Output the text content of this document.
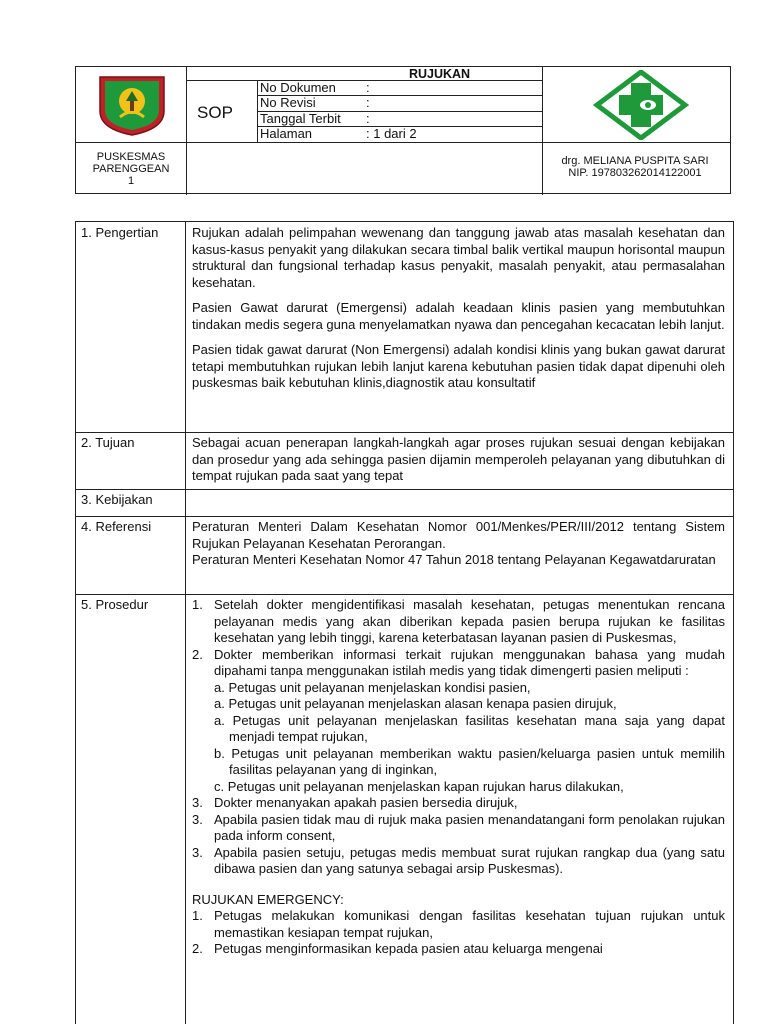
RUJUKAN
SOP
No Dokumen :
No Revisi	:
Tanggal Terbit :
Halaman	: 1 dari 2
PUSKESMAS
PARENGGEAN
1
drg. MELIANA PUSPITA SARI
NIP. 197803262014122001
1. Pengertian	Rujukan adalah pelimpahan wewenang dan tanggung jawab atas masalah kesehatan dan kasus-kasus penyakit yang dilakukan secara timbal balik vertikal maupun horisontal maupun struktural dan fungsional terhadap kasus penyakit, masalah penyakit, atau permasalahan kesehatan.

Pasien Gawat darurat (Emergensi) adalah keadaan klinis pasien yang membutuhkan tindakan medis segera guna menyelamatkan nyawa dan pencegahan kecacatan lebih lanjut.

Pasien tidak gawat darurat (Non Emergensi) adalah kondisi klinis yang bukan gawat darurat tetapi membutuhkan rujukan lebih lanjut karena kebutuhan pasien tidak dapat dipenuhi oleh puskesmas baik kebutuhan klinis,diagnostik atau konsultatif

2. Tujuan	Sebagai acuan penerapan langkah-langkah agar proses rujukan sesuai dengan kebijakan dan prosedur yang ada sehingga pasien dijamin memperoleh pelayanan yang dibutuhkan di tempat rujukan pada saat yang tepat
3. Kebijakan
4. Referensi	Peraturan Menteri Dalam Kesehatan Nomor 001/Menkes/PER/III/2012 tentang Sistem Rujukan Pelayanan Kesehatan Perorangan.
Peraturan Menteri Kesehatan Nomor 47 Tahun 2018 tentang Pelayanan Kegawatdaruratan
5. Prosedur	1. Setelah dokter mengidentifikasi masalah kesehatan, petugas menentukan rencana pelayanan medis yang akan diberikan kepada pasien berupa rujukan ke fasilitas kesehatan yang lebih tinggi, karena keterbatasan layanan pasien di Puskesmas,
2. Dokter memberikan informasi terkait rujukan menggunakan bahasa yang mudah dipahami tanpa menggunakan istilah medis yang tidak dimengerti pasien meliputi :
a. Petugas unit pelayanan menjelaskan kondisi pasien,
a. Petugas unit pelayanan menjelaskan alasan kenapa pasien dirujuk,
a. Petugas unit pelayanan menjelaskan fasilitas kesehatan mana saja yang dapat menjadi tempat rujukan,
b. Petugas unit pelayanan memberikan waktu pasien/keluarga pasien untuk memilih fasilitas pelayanan yang di inginkan,
c. Petugas unit pelayanan menjelaskan kapan rujukan harus dilakukan,
3. Dokter menanyakan apakah pasien bersedia dirujuk,
3. Apabila pasien tidak mau di rujuk maka pasien menandatangani form penolakan rujukan pada inform consent,
3. Apabila pasien setuju, petugas medis membuat surat rujukan rangkap dua (yang satu dibawa pasien dan yang satunya sebagai arsip Puskesmas).
RUJUKAN EMERGENCY:
1. Petugas melakukan komunikasi dengan fasilitas kesehatan tujuan rujukan untuk memastikan kesiapan tempat rujukan,
2. Petugas menginformasikan kepada pasien atau keluarga mengenai
